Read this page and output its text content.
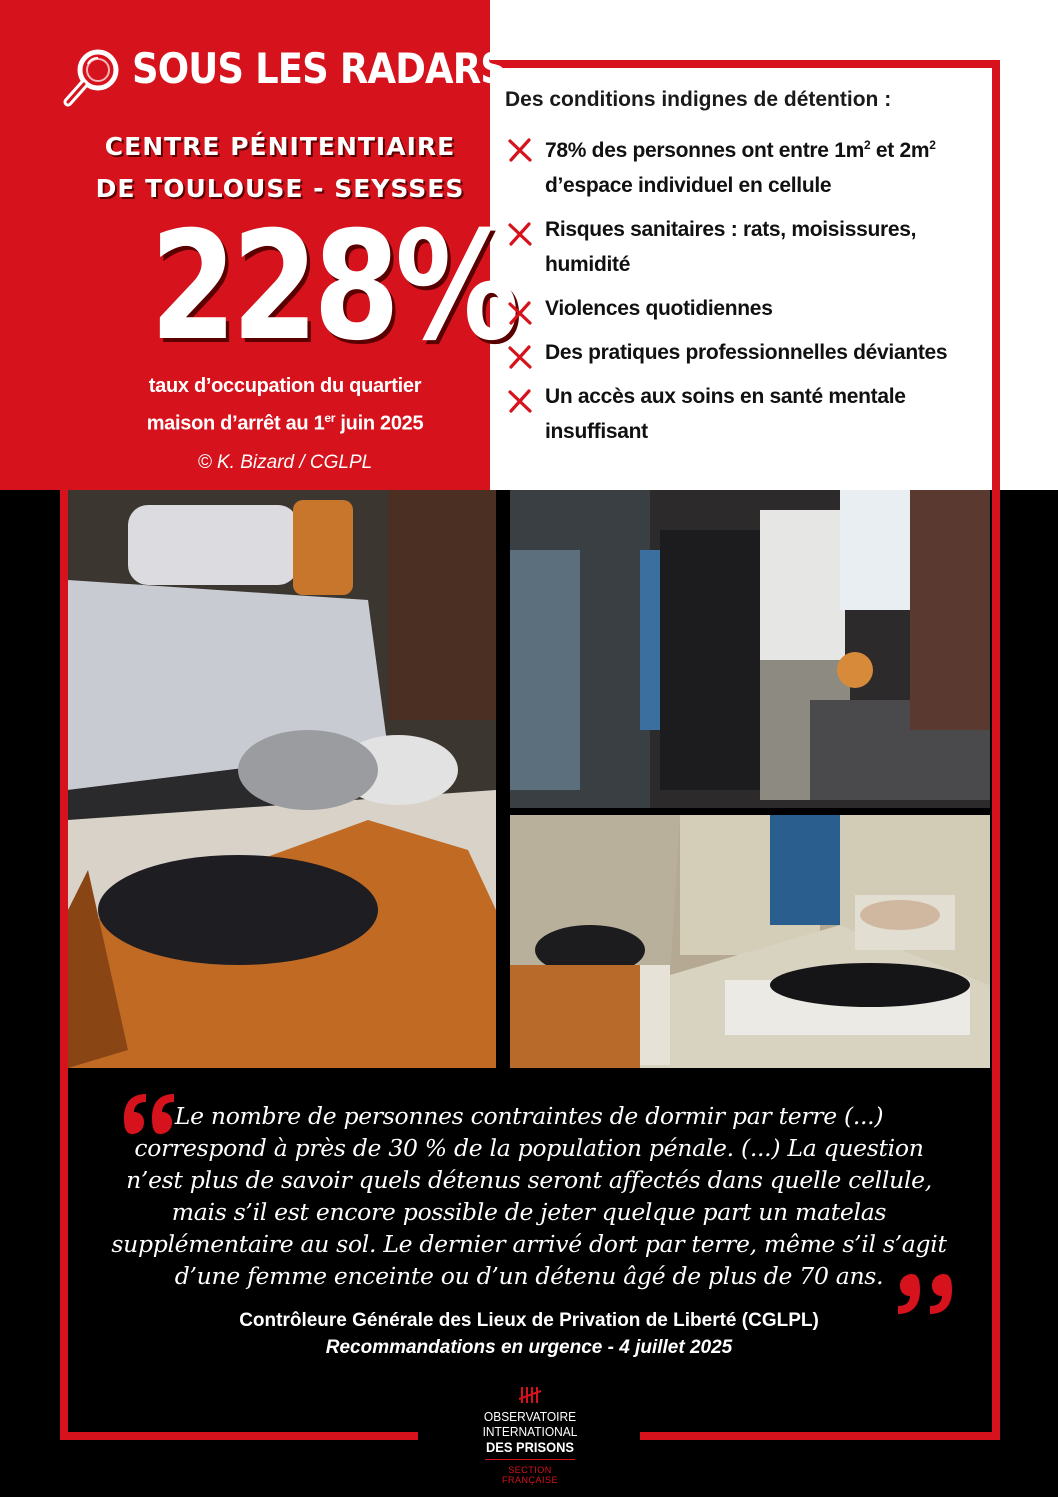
SOUS LES RADARS
CENTRE PÉNITENTIAIRE
DE TOULOUSE - SEYSSES
228%
taux d’occupation du quartier
maison d’arrêt au 1er juin 2025
© K. Bizard / CGLPL
Des conditions indignes de détention :
78% des personnes ont entre $1m^2$ et $2m^2$ d’espace individuel en cellule
Risques sanitaires : rats, moisissures, humidité
Violences quotidiennes
Des pratiques professionnelles déviantes
Un accès aux soins en santé mentale insuffisant
Le nombre de personnes contraintes de dormir par terre (...) correspond à près de 30 % de la population pénale. (...) La question n’est plus de savoir quels détenus seront affectés dans quelle cellule, mais s’il est encore possible de jeter quelque part un matelas supplémentaire au sol. Le dernier arrivé dort par terre, même s’il s’agit d’une femme enceinte ou d’un détenu âgé de plus de 70 ans.
Contrôleure Générale des Lieux de Privation de Liberté (CGLPL)
Recommandations en urgence - 4 juillet 2025
OBSERVATOIRE INTERNATIONAL
DES PRISONS
SECTION FRANÇAISE
